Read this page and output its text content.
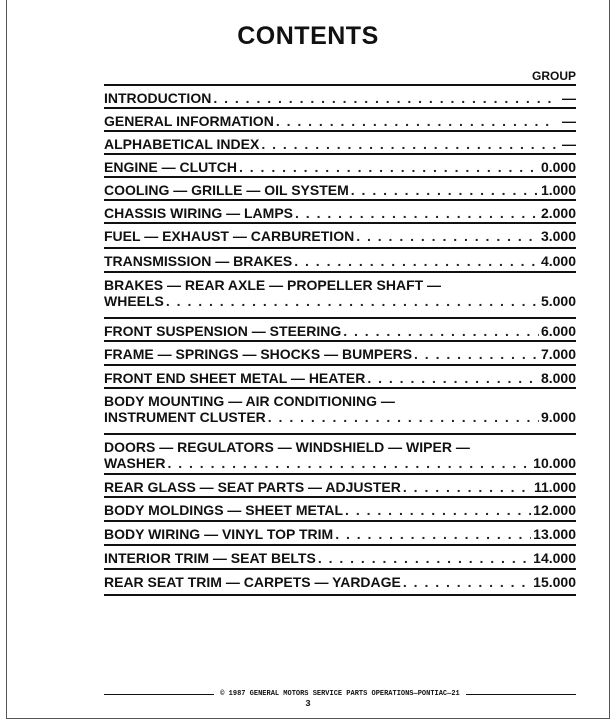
CONTENTS
GROUP
INTRODUCTION . . .	—
GENERAL INFORMATION . . .	—
ALPHABETICAL INDEX . . .	—
ENGINE — CLUTCH . . .	0.000
COOLING — GRILLE — OIL SYSTEM . . .	1.000
CHASSIS WIRING — LAMPS . . .	2.000
FUEL — EXHAUST — CARBURETION . . .	3.000
TRANSMISSION — BRAKES . . .	4.000
BRAKES — REAR AXLE — PROPELLER SHAFT —
WHEELS . . .	5.000
FRONT SUSPENSION — STEERING . . .	6.000
FRAME — SPRINGS — SHOCKS — BUMPERS . . .	7.000
FRONT END SHEET METAL — HEATER . . .	8.000
BODY MOUNTING — AIR CONDITIONING —
INSTRUMENT CLUSTER . . .	9.000
DOORS — REGULATORS — WINDSHIELD — WIPER —
WASHER . . .	10.000
REAR GLASS — SEAT PARTS — ADJUSTER . . .	11.000
BODY MOLDINGS — SHEET METAL . . .	12.000
BODY WIRING — VINYL TOP TRIM . . .	13.000
INTERIOR TRIM — SEAT BELTS . . .	14.000
REAR SEAT TRIM — CARPETS — YARDAGE . . .	15.000
© 1987 GENERAL MOTORS SERVICE PARTS OPERATIONS—PONTIAC—21
3
